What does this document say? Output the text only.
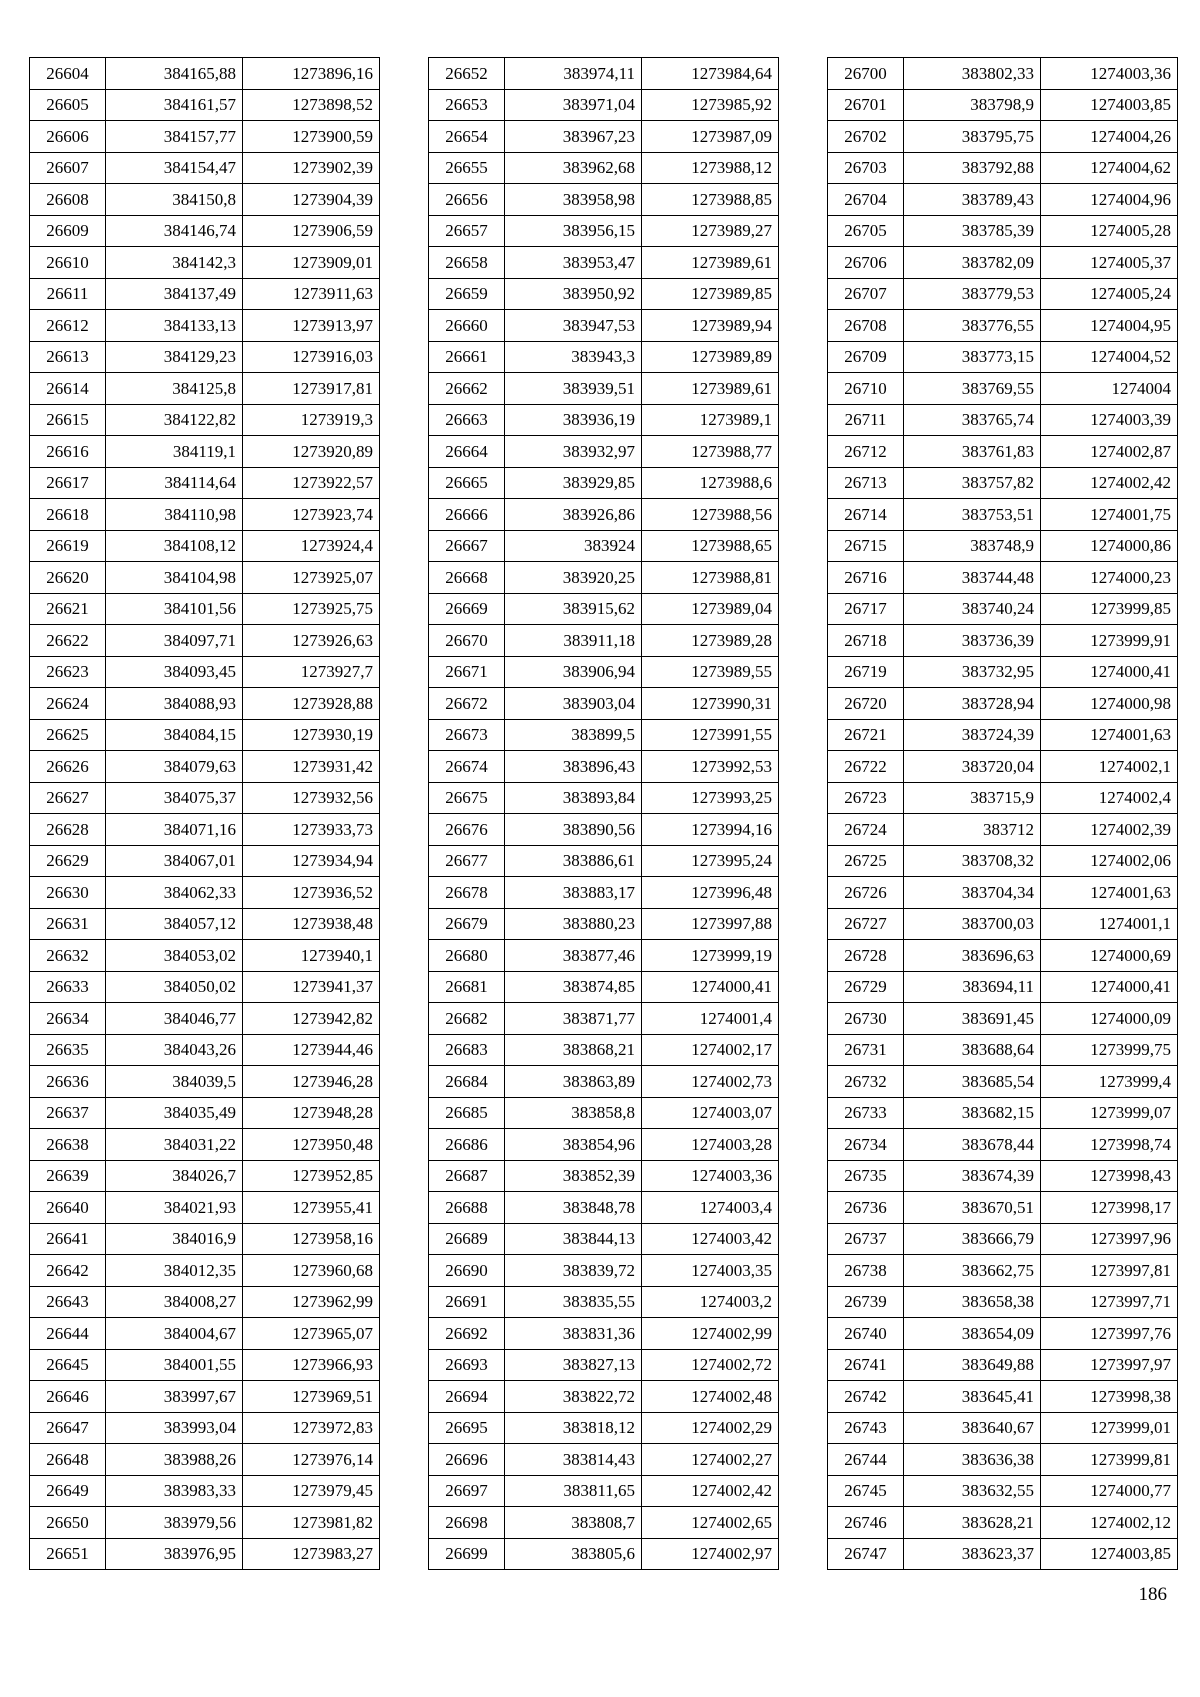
26604	384165,88	1273896,16
26605	384161,57	1273898,52
26606	384157,77	1273900,59
26607	384154,47	1273902,39
26608	384150,8	1273904,39
26609	384146,74	1273906,59
26610	384142,3	1273909,01
26611	384137,49	1273911,63
26612	384133,13	1273913,97
26613	384129,23	1273916,03
26614	384125,8	1273917,81
26615	384122,82	1273919,3
26616	384119,1	1273920,89
26617	384114,64	1273922,57
26618	384110,98	1273923,74
26619	384108,12	1273924,4
26620	384104,98	1273925,07
26621	384101,56	1273925,75
26622	384097,71	1273926,63
26623	384093,45	1273927,7
26624	384088,93	1273928,88
26625	384084,15	1273930,19
26626	384079,63	1273931,42
26627	384075,37	1273932,56
26628	384071,16	1273933,73
26629	384067,01	1273934,94
26630	384062,33	1273936,52
26631	384057,12	1273938,48
26632	384053,02	1273940,1
26633	384050,02	1273941,37
26634	384046,77	1273942,82
26635	384043,26	1273944,46
26636	384039,5	1273946,28
26637	384035,49	1273948,28
26638	384031,22	1273950,48
26639	384026,7	1273952,85
26640	384021,93	1273955,41
26641	384016,9	1273958,16
26642	384012,35	1273960,68
26643	384008,27	1273962,99
26644	384004,67	1273965,07
26645	384001,55	1273966,93
26646	383997,67	1273969,51
26647	383993,04	1273972,83
26648	383988,26	1273976,14
26649	383983,33	1273979,45
26650	383979,56	1273981,82
26651	383976,95	1273983,27
26652	383974,11	1273984,64
26653	383971,04	1273985,92
26654	383967,23	1273987,09
26655	383962,68	1273988,12
26656	383958,98	1273988,85
26657	383956,15	1273989,27
26658	383953,47	1273989,61
26659	383950,92	1273989,85
26660	383947,53	1273989,94
26661	383943,3	1273989,89
26662	383939,51	1273989,61
26663	383936,19	1273989,1
26664	383932,97	1273988,77
26665	383929,85	1273988,6
26666	383926,86	1273988,56
26667	383924	1273988,65
26668	383920,25	1273988,81
26669	383915,62	1273989,04
26670	383911,18	1273989,28
26671	383906,94	1273989,55
26672	383903,04	1273990,31
26673	383899,5	1273991,55
26674	383896,43	1273992,53
26675	383893,84	1273993,25
26676	383890,56	1273994,16
26677	383886,61	1273995,24
26678	383883,17	1273996,48
26679	383880,23	1273997,88
26680	383877,46	1273999,19
26681	383874,85	1274000,41
26682	383871,77	1274001,4
26683	383868,21	1274002,17
26684	383863,89	1274002,73
26685	383858,8	1274003,07
26686	383854,96	1274003,28
26687	383852,39	1274003,36
26688	383848,78	1274003,4
26689	383844,13	1274003,42
26690	383839,72	1274003,35
26691	383835,55	1274003,2
26692	383831,36	1274002,99
26693	383827,13	1274002,72
26694	383822,72	1274002,48
26695	383818,12	1274002,29
26696	383814,43	1274002,27
26697	383811,65	1274002,42
26698	383808,7	1274002,65
26699	383805,6	1274002,97
26700	383802,33	1274003,36
26701	383798,9	1274003,85
26702	383795,75	1274004,26
26703	383792,88	1274004,62
26704	383789,43	1274004,96
26705	383785,39	1274005,28
26706	383782,09	1274005,37
26707	383779,53	1274005,24
26708	383776,55	1274004,95
26709	383773,15	1274004,52
26710	383769,55	1274004
26711	383765,74	1274003,39
26712	383761,83	1274002,87
26713	383757,82	1274002,42
26714	383753,51	1274001,75
26715	383748,9	1274000,86
26716	383744,48	1274000,23
26717	383740,24	1273999,85
26718	383736,39	1273999,91
26719	383732,95	1274000,41
26720	383728,94	1274000,98
26721	383724,39	1274001,63
26722	383720,04	1274002,1
26723	383715,9	1274002,4
26724	383712	1274002,39
26725	383708,32	1274002,06
26726	383704,34	1274001,63
26727	383700,03	1274001,1
26728	383696,63	1274000,69
26729	383694,11	1274000,41
26730	383691,45	1274000,09
26731	383688,64	1273999,75
26732	383685,54	1273999,4
26733	383682,15	1273999,07
26734	383678,44	1273998,74
26735	383674,39	1273998,43
26736	383670,51	1273998,17
26737	383666,79	1273997,96
26738	383662,75	1273997,81
26739	383658,38	1273997,71
26740	383654,09	1273997,76
26741	383649,88	1273997,97
26742	383645,41	1273998,38
26743	383640,67	1273999,01
26744	383636,38	1273999,81
26745	383632,55	1274000,77
26746	383628,21	1274002,12
26747	383623,37	1274003,85
186
